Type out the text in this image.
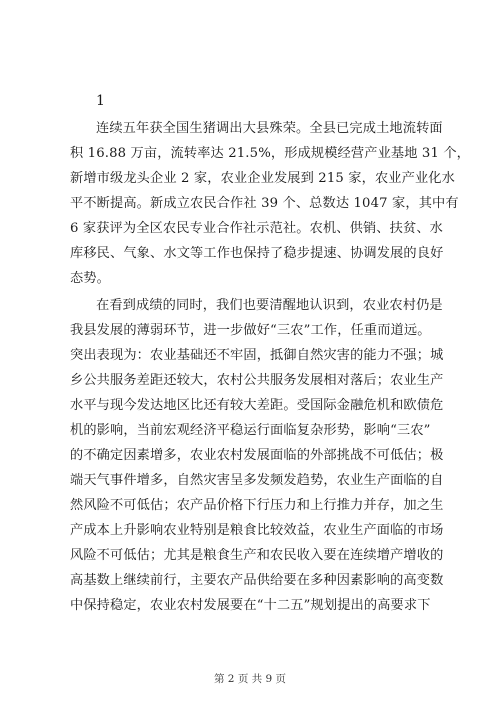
1
连续五年获全国生猪调出大县殊荣。全县已完成土地流转面
积 16.88 万亩，流转率达 21.5%，形成规模经营产业基地 31 个，
新增市级龙头企业 2 家，农业企业发展到 215 家，农业产业化水
平不断提高。新成立农民合作社 39 个、总数达 1047 家，其中有
6 家获评为全区农民专业合作社示范社。农机、供销、扶贫、水
库移民、气象、水文等工作也保持了稳步提速、协调发展的良好
态势。
在看到成绩的同时，我们也要清醒地认识到，农业农村仍是
我县发展的薄弱环节，进一步做好“三农”工作，任重而道远。
突出表现为：农业基础还不牢固，抵御自然灾害的能力不强；城
乡公共服务差距还较大，农村公共服务发展相对落后；农业生产
水平与现今发达地区比还有较大差距。受国际金融危机和欧债危
机的影响，当前宏观经济平稳运行面临复杂形势，影响“三农”
的不确定因素增多，农业农村发展面临的外部挑战不可低估；极
端天气事件增多，自然灾害呈多发频发趋势，农业生产面临的自
然风险不可低估；农产品价格下行压力和上行推力并存，加之生
产成本上升影响农业特别是粮食比较效益，农业生产面临的市场
风险不可低估；尤其是粮食生产和农民收入要在连续增产增收的
高基数上继续前行，主要农产品供给要在多种因素影响的高变数
中保持稳定，农业农村发展要在“十二五”规划提出的高要求下
第 2 页 共 9 页
